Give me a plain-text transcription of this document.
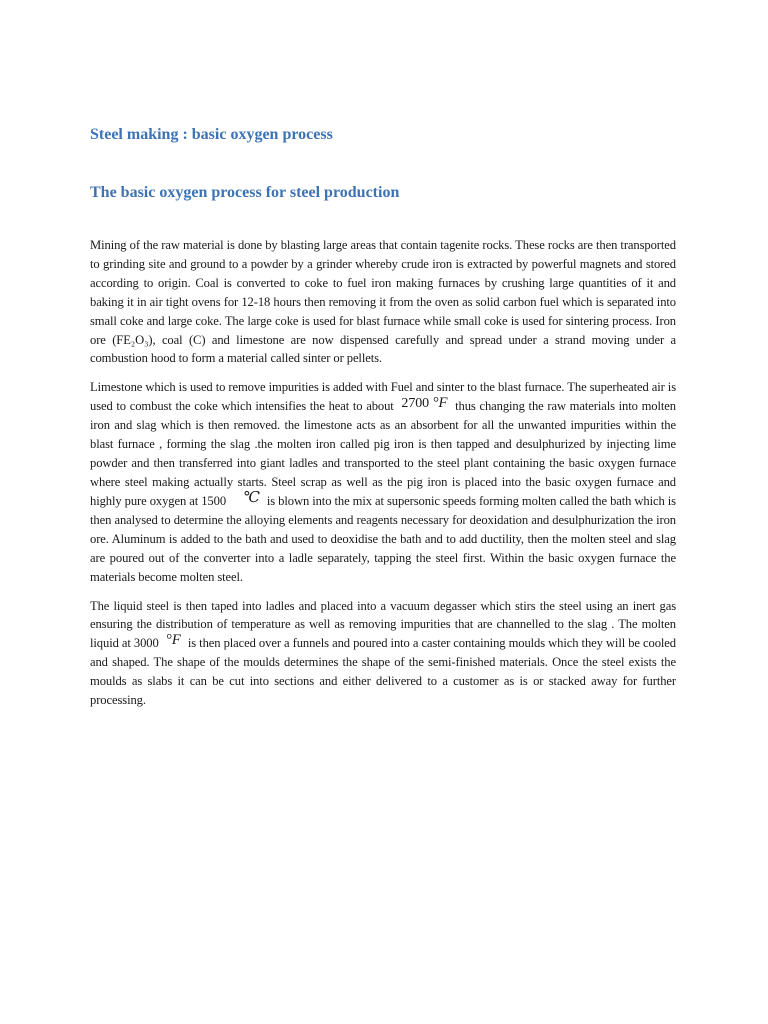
Steel making : basic oxygen process
The basic oxygen process for steel production

Mining of the raw material is done by blasting large areas that contain tagenite rocks. These rocks are then transported to grinding site and ground to a powder by a grinder whereby crude iron is extracted by powerful magnets and stored according to origin. Coal is converted to coke to fuel iron making furnaces by crushing large quantities of it and baking it in air tight ovens for 12-18 hours then removing it from the oven as solid carbon fuel which is separated into small coke and large coke. The large coke is used for blast furnace while small coke is used for sintering process. Iron ore (FE₂O₃), coal (C) and limestone are now dispensed carefully and spread under a strand moving under a combustion hood to form a material called sinter or pellets.

Limestone which is used to remove impurities is added with Fuel and sinter to the blast furnace. The superheated air is used to combust the coke which intensifies the heat to about 2700 °F thus changing the raw materials into molten iron and slag which is then removed. the limestone acts as an absorbent for all the unwanted impurities within the blast furnace , forming the slag .the molten iron called pig iron is then tapped and desulphurized by injecting lime powder and then transferred into giant ladles and transported to the steel plant containing the basic oxygen furnace where steel making actually starts. Steel scrap as well as the pig iron is placed into the basic oxygen furnace and highly pure oxygen at 1500 ℃ is blown into the mix at supersonic speeds forming molten called the bath which is then analysed to determine the alloying elements and reagents necessary for deoxidation and desulphurization the iron ore. Aluminum is added to the bath and used to deoxidise the bath and to add ductility, then the molten steel and slag are poured out of the converter into a ladle separately, tapping the steel first. Within the basic oxygen furnace the materials become molten steel.

The liquid steel is then taped into ladles and placed into a vacuum degasser which stirs the steel using an inert gas ensuring the distribution of temperature as well as removing impurities that are channelled to the slag . The molten liquid at 3000 °F is then placed over a funnels and poured into a caster containing moulds which they will be cooled and shaped. The shape of the moulds determines the shape of the semi-finished materials. Once the steel exists the moulds as slabs it can be cut into sections and either delivered to a customer as is or stacked away for further processing.
